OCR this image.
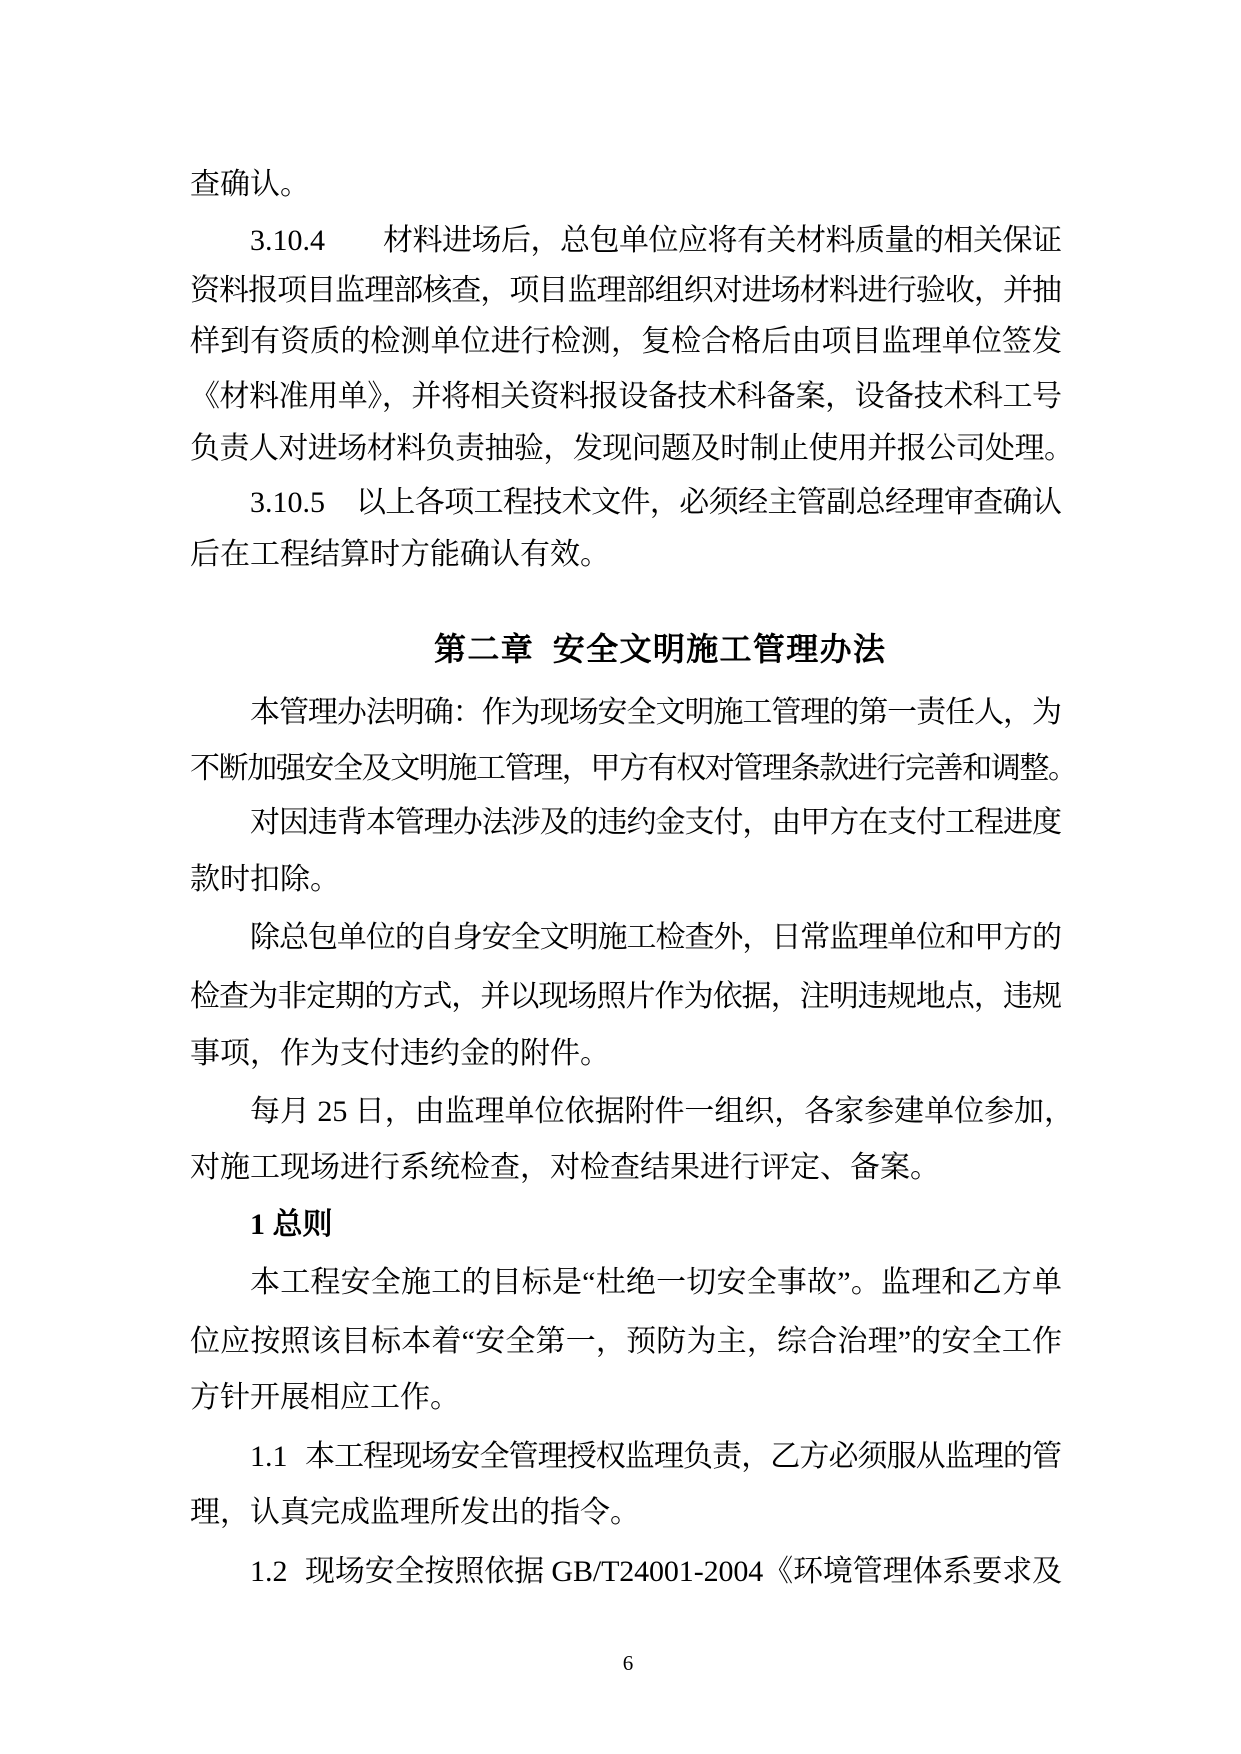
查确认。
3.10.4 材料进场后，总包单位应将有关材料质量的相关保证
资料报项目监理部核查，项目监理部组织对进场材料进行验收，并抽
样到有资质的检测单位进行检测，复检合格后由项目监理单位签发
《材料准用单》，并将相关资料报设备技术科备案，设备技术科工号
负责人对进场材料负责抽验，发现问题及时制止使用并报公司处理。
3.10.5 以上各项工程技术文件，必须经主管副总经理审查确认
后在工程结算时方能确认有效。
第二章  安全文明施工管理办法
本管理办法明确：作为现场安全文明施工管理的第一责任人，为
不断加强安全及文明施工管理，甲方有权对管理条款进行完善和调整。
对因违背本管理办法涉及的违约金支付，由甲方在支付工程进度
款时扣除。
除总包单位的自身安全文明施工检查外，日常监理单位和甲方的
检查为非定期的方式，并以现场照片作为依据，注明违规地点，违规
事项，作为支付违约金的附件。
每月 25 日，由监理单位依据附件一组织，各家参建单位参加，
对施工现场进行系统检查，对检查结果进行评定、备案。
1 总则
本工程安全施工的目标是“杜绝一切安全事故”。监理和乙方单
位应按照该目标本着“安全第一，预防为主，综合治理”的安全工作
方针开展相应工作。
1.1 本工程现场安全管理授权监理负责，乙方必须服从监理的管
理，认真完成监理所发出的指令。
1.2 现场安全按照依据 GB/T24001-2004《环境管理体系要求及
6
